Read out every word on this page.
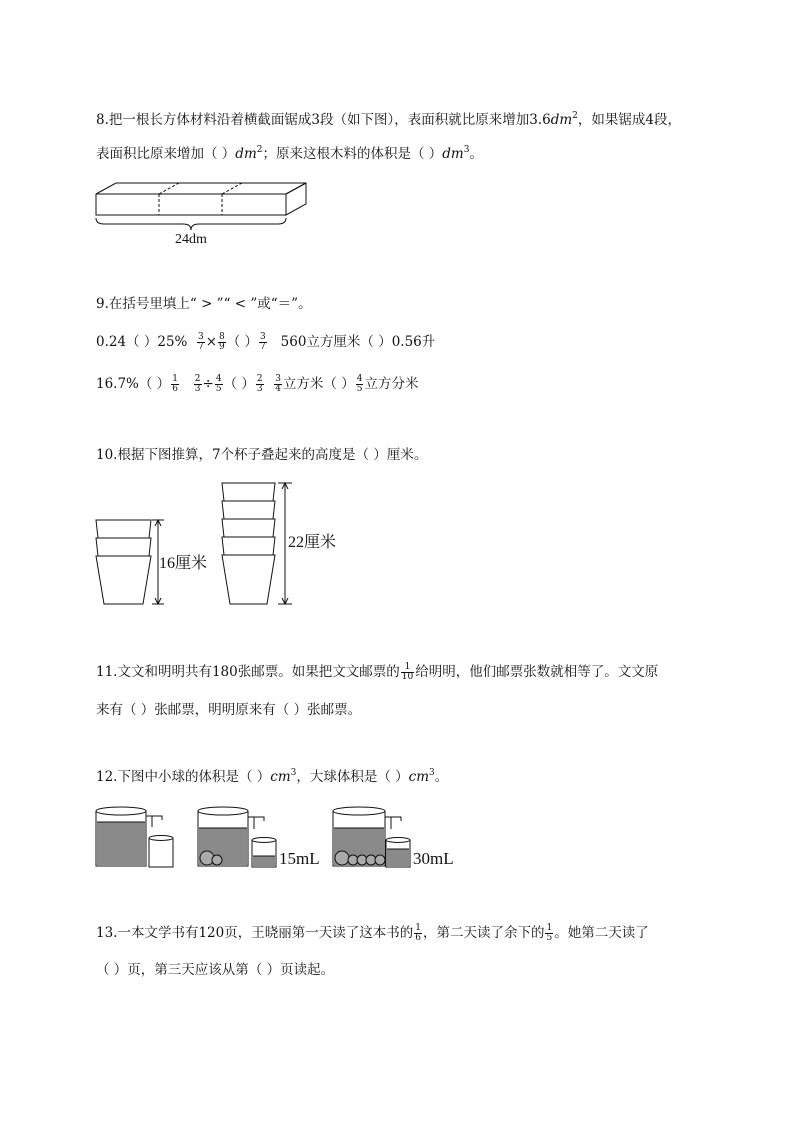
8.把一根长方体材料沿着横截面锯成3段（如下图），表面积就比原来增加$3.6dm^2$，如果锯成4段，
表面积比原来增加（ ）$dm^2$；原来这根木料的体积是（ ）$dm^3$。
24dm
9.在括号里填上“ > ”“ < ”或“＝”。
0.24（ ）$25\% \frac{3}{7} \times \frac{8}{9}$ （ ） $\frac{3}{7} 560$立方厘米（ ）0.56升
16.7%（ ） $\frac{1}{6}$
$\frac{2}{3} \div \frac{4}{5}$ （ ） $\frac{2}{3}$
$\frac{3}{4}$ 立方米（ ） $\frac{4}{5}$ 立方分米
10.根据下图推算，7个杯子叠起来的高度是（ ）厘米。
16厘米
22厘米
11.文文和明明共有180张邮票。如果把文文邮票的 $\frac{1}{10}$ 给明明，他们邮票张数就相等了。文文原
来有（ ）张邮票，明明原来有（ ）张邮票。
12.下图中小球的体积是（ ）$cm^3$，大球体积是（ ）$cm^3$。
15mL	30mL
13.一本文学书有120页，王晓丽第一天读了这本书的 $\frac{1}{6}$ ，第二天读了余下的 $\frac{1}{5}$ 。她第二天读了
（ ）页，第三天应该从第（ ）页读起。
